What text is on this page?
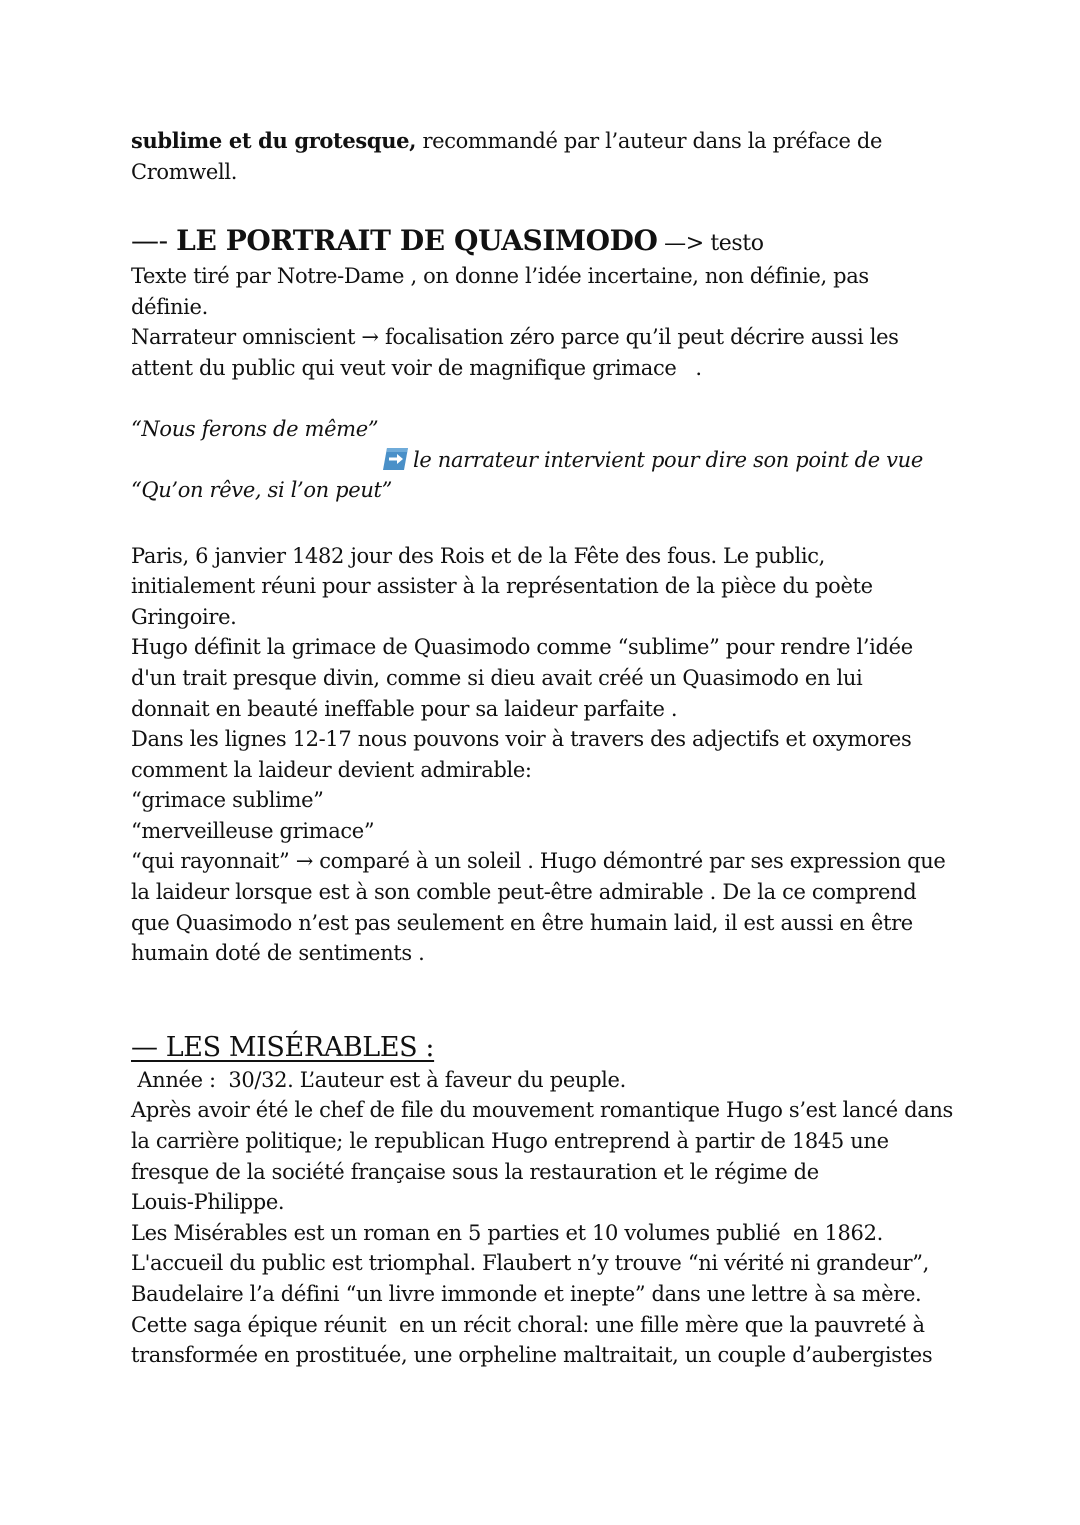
sublime et du grotesque, recommandé par l’auteur dans la préface de
Cromwell.
—- LE PORTRAIT DE QUASIMODO —> testo
Texte tiré par Notre-Dame , on donne l’idée incertaine, non définie, pas
définie.
Narrateur omniscient → focalisation zéro parce qu’il peut décrire aussi les
attent du public qui veut voir de magnifique grimace   .
“Nous ferons de même”
le narrateur intervient pour dire son point de vue
“Qu’on rêve, si l’on peut”
Paris, 6 janvier 1482 jour des Rois et de la Fête des fous. Le public,
initialement réuni pour assister à la représentation de la pièce du poète
Gringoire.
Hugo définit la grimace de Quasimodo comme “sublime” pour rendre l’idée
d'un trait presque divin, comme si dieu avait créé un Quasimodo en lui
donnait en beauté ineffable pour sa laideur parfaite .
Dans les lignes 12-17 nous pouvons voir à travers des adjectifs et oxymores
comment la laideur devient admirable:
“grimace sublime”
“merveilleuse grimace”
“qui rayonnait” → comparé à un soleil . Hugo démontré par ses expression que
la laideur lorsque est à son comble peut-être admirable . De la ce comprend
que Quasimodo n’est pas seulement en être humain laid, il est aussi en être
humain doté de sentiments .
— LES MISÉRABLES :
Année :  30/32. L’auteur est à faveur du peuple.
Après avoir été le chef de file du mouvement romantique Hugo s’est lancé dans
la carrière politique; le republican Hugo entreprend à partir de 1845 une
fresque de la société française sous la restauration et le régime de
Louis-Philippe.
Les Misérables est un roman en 5 parties et 10 volumes publié  en 1862.
L'accueil du public est triomphal. Flaubert n’y trouve “ni vérité ni grandeur”,
Baudelaire l’a défini “un livre immonde et inepte” dans une lettre à sa mère.
Cette saga épique réunit  en un récit choral: une fille mère que la pauvreté à
transformée en prostituée, une orpheline maltraitait, un couple d’aubergistes
